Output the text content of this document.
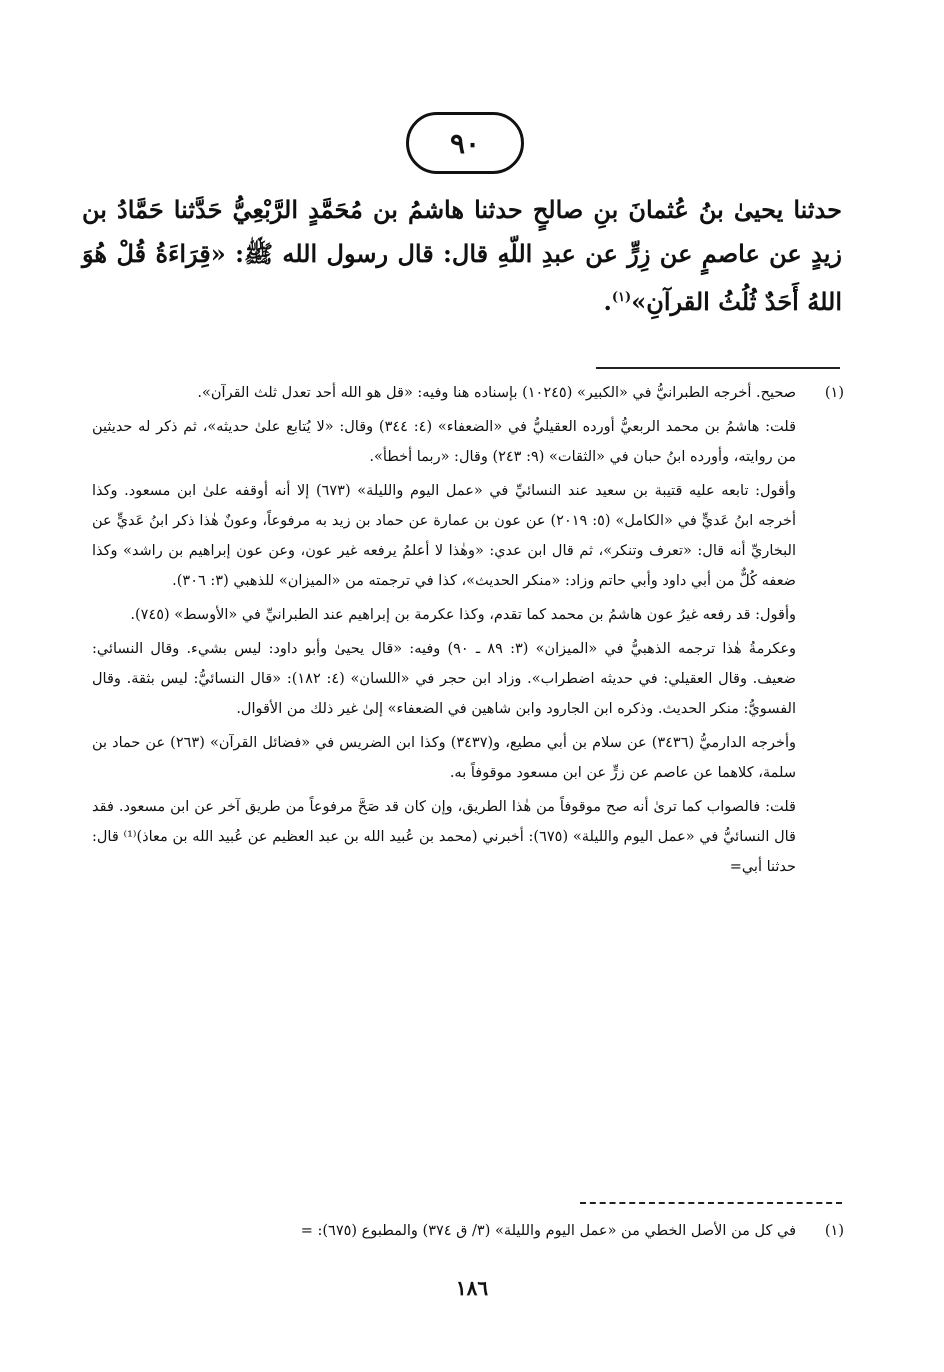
٩٠

حدثنا يحيىٰ بنُ عُثمانَ بنِ صالحٍ حدثنا هاشمُ بن مُحَمَّدٍ الرَّبْعِيُّ حَدَّثنا حَمَّادُ بن زيدٍ عن عاصمٍ عن زِرٍّ عن عبدِ اللّهِ قال: قال رسول الله ﷺ: «قِرَاءَةُ قُلْ هُوَ اللهُ أَحَدٌ ثُلُثُ القرآنِ»$^{(١)}$.

(١)

صحيح. أخرجه الطبرانيُّ في «الكبير» (١٠٢٤٥) بإسناده هنا وفيه: «قل هو الله أحد تعدل ثلث القرآن».

قلت: هاشمُ بن محمد الربعيُّ أورده العقيليُّ في «الضعفاء» (٤: ٣٤٤) وقال: «لا يُتابع علىٰ حديثه»، ثم ذكر له حديثين من روايته، وأورده ابنُ حبان في «الثقات» (٩: ٢٤٣) وقال: «ربما أخطأ».

وأقول: تابعه عليه قتيبة بن سعيد عند النسائيِّ في «عمل اليوم والليلة» (٦٧٣) إلا أنه أوقفه علىٰ ابن مسعود. وكذا أخرجه ابنُ عَديٍّ في «الكامل» (٥: ٢٠١٩) عن عون بن عمارة عن حماد بن زيد به مرفوعاً، وعونٌ هٰذا ذكر ابنُ عَديٍّ عن البخاريِّ أنه قال: «تعرف وتنكر»، ثم قال ابن عدي: «وهٰذا لا أعلمُ يرفعه غير عون، وعن عون إبراهيم بن راشد» وكذا ضعفه كُلٌّ من أبي داود وأبي حاتم وزاد: «منكر الحديث»، كذا في ترجمته من «الميزان» للذهبي (٣: ٣٠٦).

وأقول: قد رفعه غيرُ عون هاشمُ بن محمد كما تقدم، وكذا عكرمة بن إبراهيم عند الطبرانيِّ في «الأوسط» (٧٤٥).

وعكرمةُ هٰذا ترجمه الذهبيُّ في «الميزان» (٣: ٨٩ ـ ٩٠) وفيه: «قال يحيىٰ وأبو داود: ليس بشيء. وقال النسائي: ضعيف. وقال العقيلي: في حديثه اضطراب». وزاد ابن حجر في «اللسان» (٤: ١٨٢): «قال النسائيُّ: ليس بثقة. وقال الفسويُّ: منكر الحديث. وذكره ابن الجارود وابن شاهين في الضعفاء» إلىٰ غير ذلك من الأقوال.

وأخرجه الدارميُّ (٣٤٣٦) عن سلام بن أبي مطيع، و(٣٤٣٧) وكذا ابن الضريس في «فضائل القرآن» (٢٦٣) عن حماد بن سلمة، كلاهما عن عاصم عن زرٍّ عن ابن مسعود موقوفاً به.

قلت: فالصواب كما ترىٰ أنه صح موقوفاً من هٰذا الطريق، وإن كان قد صَحَّ مرفوعاً من طريق آخر عن ابن مسعود. فقد قال النسائيُّ في «عمل اليوم والليلة» (٦٧٥): أخبرني (محمد بن عُبيد الله بن عبد العظيم عن عُبيد الله بن معاذ)⁽¹⁾ قال: حدثنا أبي=

(١)
في كل من الأصل الخطي من «عمل اليوم والليلة» (٣/ ق ٣٧٤) والمطبوع (٦٧٥): =
١٨٦
